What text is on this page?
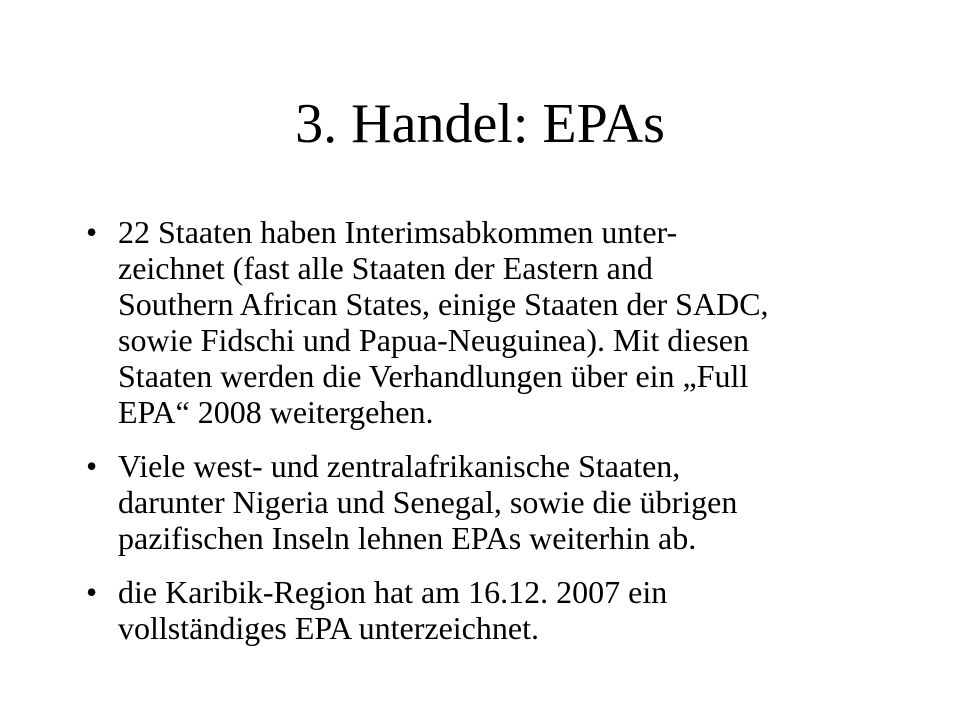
3. Handel: EPAs
• 22 Staaten haben Interimsabkommen unter-
zeichnet (fast alle Staaten der Eastern and
Southern African States, einige Staaten der SADC,
sowie Fidschi und Papua-Neuguinea). Mit diesen
Staaten werden die Verhandlungen über ein „Full
EPA“ 2008 weitergehen.
• Viele west- und zentralafrikanische Staaten,
darunter Nigeria und Senegal, sowie die übrigen
pazifischen Inseln lehnen EPAs weiterhin ab.
• die Karibik-Region hat am 16.12. 2007 ein
vollständiges EPA unterzeichnet.
